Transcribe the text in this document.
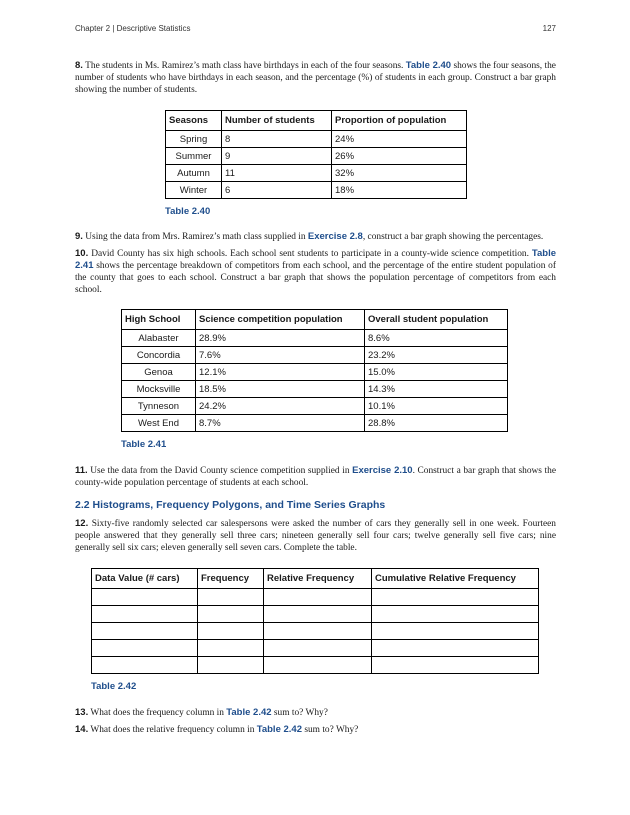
Chapter 2 | Descriptive Statistics	127

8. The students in Ms. Ramirez’s math class have birthdays in each of the four seasons. Table 2.40 shows the four seasons, the number of students who have birthdays in each season, and the percentage (%) of students in each group. Construct a bar graph showing the number of students.

Seasons	Number of students	Proportion of population
Spring	8	24%
Summer	9	26%
Autumn	11	32%
Winter	6	18%
Table 2.40

9. Using the data from Mrs. Ramirez’s math class supplied in Exercise 2.8, construct a bar graph showing the percentages.

10. David County has six high schools. Each school sent students to participate in a county-wide science competition. Table 2.41 shows the percentage breakdown of competitors from each school, and the percentage of the entire student population of the county that goes to each school. Construct a bar graph that shows the population percentage of competitors from each school.

High School	Science competition population	Overall student population
Alabaster	28.9%	8.6%
Concordia	7.6%	23.2%
Genoa	12.1%	15.0%
Mocksville	18.5%	14.3%
Tynneson	24.2%	10.1%
West End	8.7%	28.8%
Table 2.41

11. Use the data from the David County science competition supplied in Exercise 2.10. Construct a bar graph that shows the county-wide population percentage of students at each school.

2.2 Histograms, Frequency Polygons, and Time Series Graphs

12. Sixty-five randomly selected car salespersons were asked the number of cars they generally sell in one week. Fourteen people answered that they generally sell three cars; nineteen generally sell four cars; twelve generally sell five cars; nine generally sell six cars; eleven generally sell seven cars. Complete the table.

Data Value (# cars)	Frequency	Relative Frequency	Cumulative Relative Frequency

Table 2.42

13. What does the frequency column in Table 2.42 sum to? Why?

14. What does the relative frequency column in Table 2.42 sum to? Why?
